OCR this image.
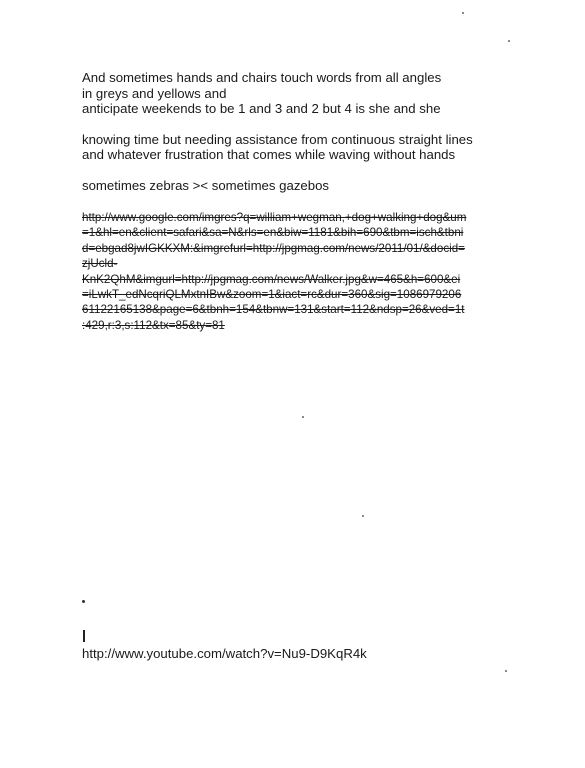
And sometimes hands and chairs touch words from all angles
in greys and yellows and
anticipate weekends to be 1 and 3 and 2 but 4 is she and she
knowing time but needing assistance from continuous straight lines
and whatever frustration that comes while waving without hands
sometimes zebras >< sometimes gazebos
http://www.google.com/imgres?q=william+wegman,+dog+walking+dog&um
=1&hl=en&client=safari&sa=N&rls=en&biw=1181&bih=690&tbm=isch&tbni
d=ebgad8jwIGKKXM:&imgrefurl=http://jpgmag.com/news/2011/01/&docid=
zjUcld-
KnK2QhM&imgurl=http://jpgmag.com/news/Walker.jpg&w=465&h=600&ei
=iLwkT_edNcqriQLMxtnIBw&zoom=1&iact=rc&dur=360&sig=1086979206
61122165138&page=6&tbnh=154&tbnw=131&start=112&ndsp=26&ved=1t
:429,r:3,s:112&tx=85&ty=81
http://www.youtube.com/watch?v=Nu9-D9KqR4k
